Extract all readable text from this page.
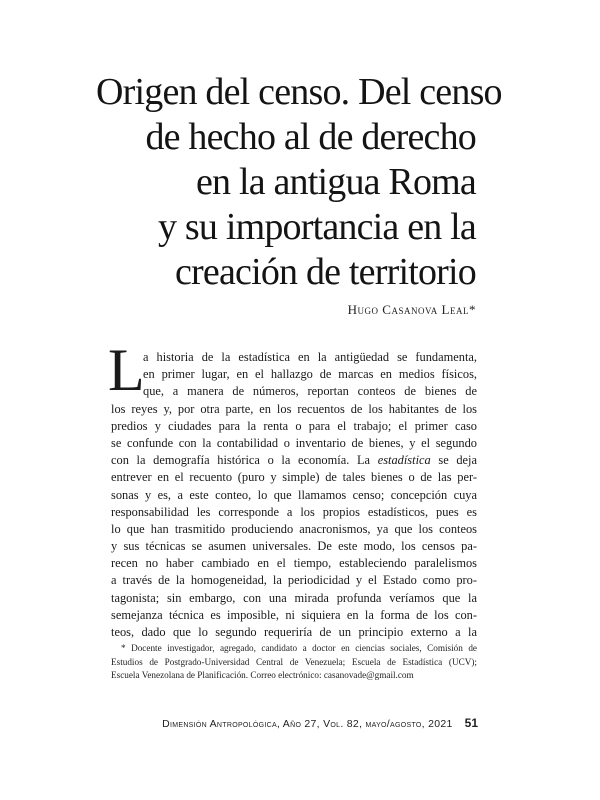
Origen del censo. Del censo
de hecho al de derecho
en la antigua Roma
y su importancia en la
creación de territorio
Hugo Casanova Leal*
L
a historia de la estadística en la antigüedad se fundamenta,
en primer lugar, en el hallazgo de marcas en medios físicos,
que, a manera de números, reportan conteos de bienes de
los reyes y, por otra parte, en los recuentos de los habitantes de los
predios y ciudades para la renta o para el trabajo; el primer caso
se confunde con la contabilidad o inventario de bienes, y el segundo
con la demografía histórica o la economía. La estadística se deja
entrever en el recuento (puro y simple) de tales bienes o de las per-
sonas y es, a este conteo, lo que llamamos censo; concepción cuya
responsabilidad les corresponde a los propios estadísticos, pues es
lo que han trasmitido produciendo anacronismos, ya que los conteos
y sus técnicas se asumen universales. De este modo, los censos pa-
recen no haber cambiado en el tiempo, estableciendo paralelismos
a través de la homogeneidad, la periodicidad y el Estado como pro-
tagonista; sin embargo, con una mirada profunda veríamos que la
semejanza técnica es imposible, ni siquiera en la forma de los con-
teos, dado que lo segundo requeriría de un principio externo a la
* Docente investigador, agregado, candidato a doctor en ciencias sociales, Comisión de
Estudios de Postgrado-Universidad Central de Venezuela; Escuela de Estadística (UCV);
Escuela Venezolana de Planificación. Correo electrónico: casanovade@gmail.com
Dimensión Antropológica, Año 27, Vol. 82, mayo/agosto, 2021 51
